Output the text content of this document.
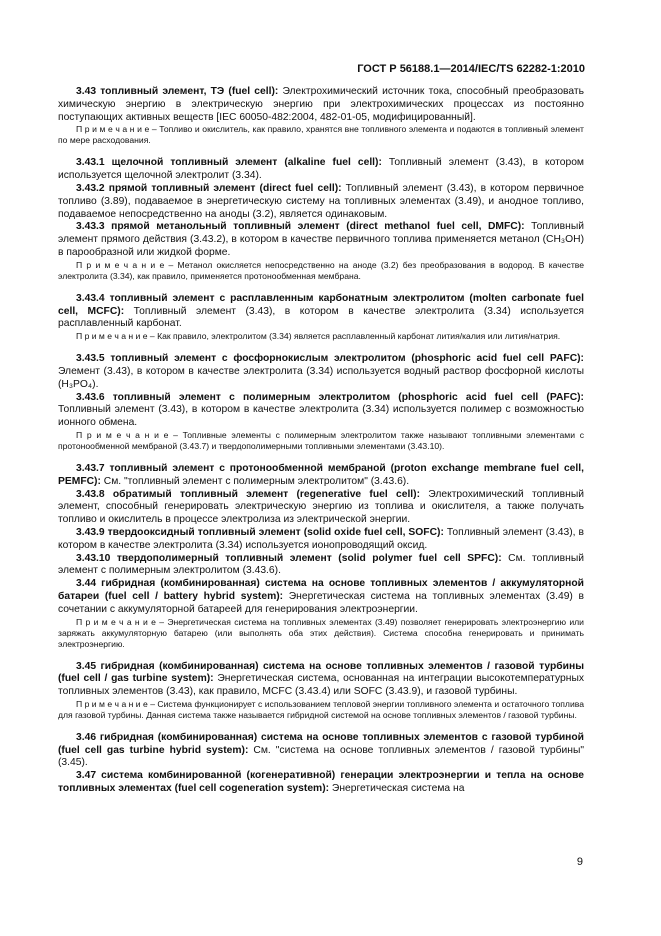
ГОСТ Р 56188.1—2014/IEC/TS 62282-1:2010

3.43 топливный элемент, ТЭ (fuel cell): Электрохимический источник тока, способный преобразовать химическую энергию в электрическую энергию при электрохимических процессах из постоянно поступающих активных веществ [IEC 60050-482:2004, 482-01-05, модифицированный].

П р и м е ч а н и е – Топливо и окислитель, как правило, хранятся вне топливного элемента и подаются в топливный элемент по мере расходования.

3.43.1 щелочной топливный элемент (alkaline fuel cell): Топливный элемент (3.43), в котором используется щелочной электролит (3.34).

3.43.2 прямой топливный элемент (direct fuel cell): Топливный элемент (3.43), в котором первичное топливо (3.89), подаваемое в энергетическую систему на топливных элементах (3.49), и анодное топливо, подаваемое непосредственно на аноды (3.2), является одинаковым.

3.43.3 прямой метанольный топливный элемент (direct methanol fuel cell, DMFC): Топливный элемент прямого действия (3.43.2), в котором в качестве первичного топлива применяется метанол (CH₃OH) в парообразной или жидкой форме.

П р и м е ч а н и е – Метанол окисляется непосредственно на аноде (3.2) без преобразования в водород. В качестве электролита (3.34), как правило, применяется протонообменная мембрана.

3.43.4 топливный элемент с расплавленным карбонатным электролитом (molten carbonate fuel cell, MCFC): Топливный элемент (3.43), в котором в качестве электролита (3.34) используется расплавленный карбонат.

П р и м е ч а н и е – Как правило, электролитом (3.34) является расплавленный карбонат лития/калия или лития/натрия.

3.43.5 топливный элемент с фосфорнокислым электролитом (phosphoric acid fuel cell PAFC): Элемент (3.43), в котором в качестве электролита (3.34) используется водный раствор фосфорной кислоты (H₃PO₄).

3.43.6 топливный элемент с полимерным электролитом (phosphoric acid fuel cell (PAFC): Топливный элемент (3.43), в котором в качестве электролита (3.34) используется полимер с возможностью ионного обмена.

П р и м е ч а н и е – Топливные элементы с полимерным электролитом также называют топливными элементами с протонообменной мембраной (3.43.7) и твердополимерными топливными элементами (3.43.10).

3.43.7 топливный элемент с протонообменной мембраной (proton exchange membrane fuel cell, PEMFC): См. "топливный элемент с полимерным электролитом" (3.43.6).

3.43.8 обратимый топливный элемент (regenerative fuel cell): Электрохимический топливный элемент, способный генерировать электрическую энергию из топлива и окислителя, а также получать топливо и окислитель в процессе электролиза из электрической энергии.

3.43.9 твердооксидный топливный элемент (solid oxide fuel cell, SOFC): Топливный элемент (3.43), в котором в качестве электролита (3.34) используется ионопроводящий оксид.

3.43.10 твердополимерный топливный элемент (solid polymer fuel cell SPFC): См. топливный элемент с полимерным электролитом (3.43.6).

3.44 гибридная (комбинированная) система на основе топливных элементов / аккумуляторной батареи (fuel cell / battery hybrid system): Энергетическая система на топливных элементах (3.49) в сочетании с аккумуляторной батареей для генерирования электроэнергии.

П р и м е ч а н и е – Энергетическая система на топливных элементах (3.49) позволяет генерировать электроэнергию или заряжать аккумуляторную батарею (или выполнять оба этих действия). Система способна генерировать и принимать электроэнергию.

3.45 гибридная (комбинированная) система на основе топливных элементов / газовой турбины (fuel cell / gas turbine system): Энергетическая система, основанная на интеграции высокотемпературных топливных элементов (3.43), как правило, MCFC (3.43.4) или SOFC (3.43.9), и газовой турбины.

П р и м е ч а н и е – Система функционирует с использованием тепловой энергии топливного элемента и остаточного топлива для газовой турбины. Данная система также называется гибридной системой на основе топливных элементов / газовой турбины.

3.46 гибридная (комбинированная) система на основе топливных элементов с газовой турбиной (fuel cell gas turbine hybrid system): См. "система на основе топливных элементов / газовой турбины" (3.45).

3.47 система комбинированной (когенеративной) генерации электроэнергии и тепла на основе топливных элементах (fuel cell cogeneration system): Энергетическая система на

9
